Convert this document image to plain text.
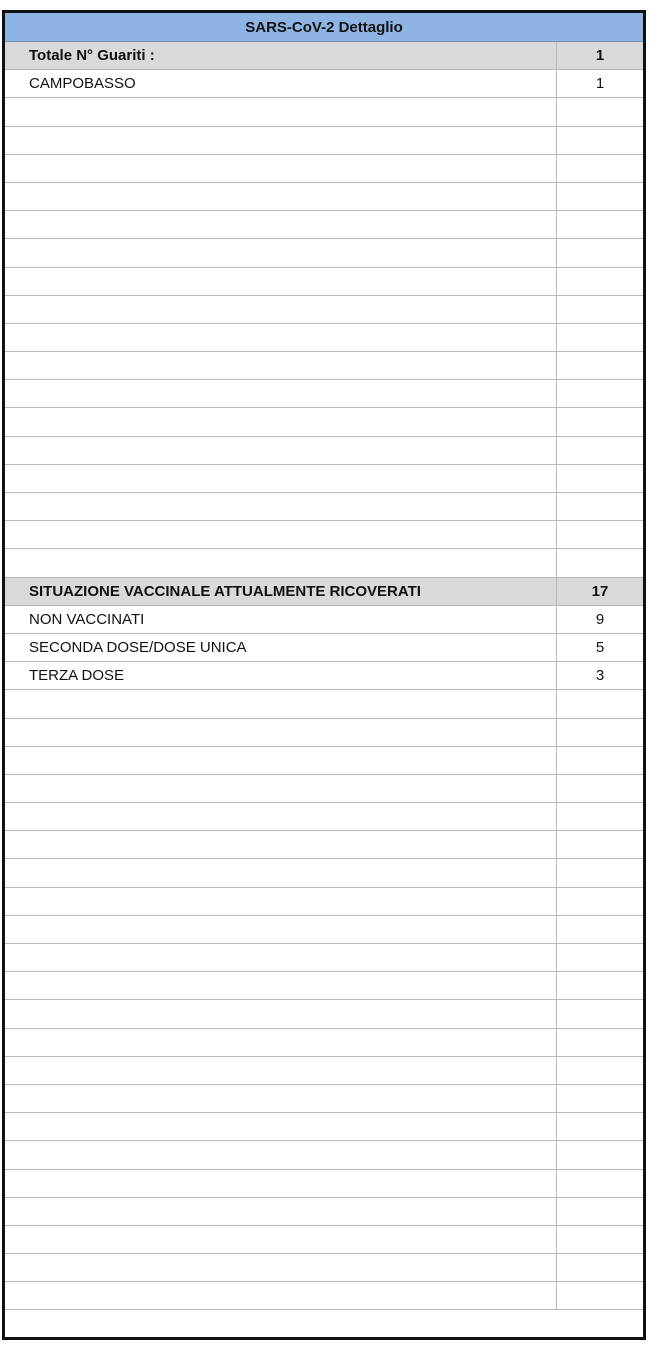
SARS-CoV-2 Dettaglio
Totale N° Guariti :	1
CAMPOBASSO	1
SITUAZIONE VACCINALE ATTUALMENTE RICOVERATI	17
NON VACCINATI	9
SECONDA DOSE/DOSE UNICA	5
TERZA DOSE	3
